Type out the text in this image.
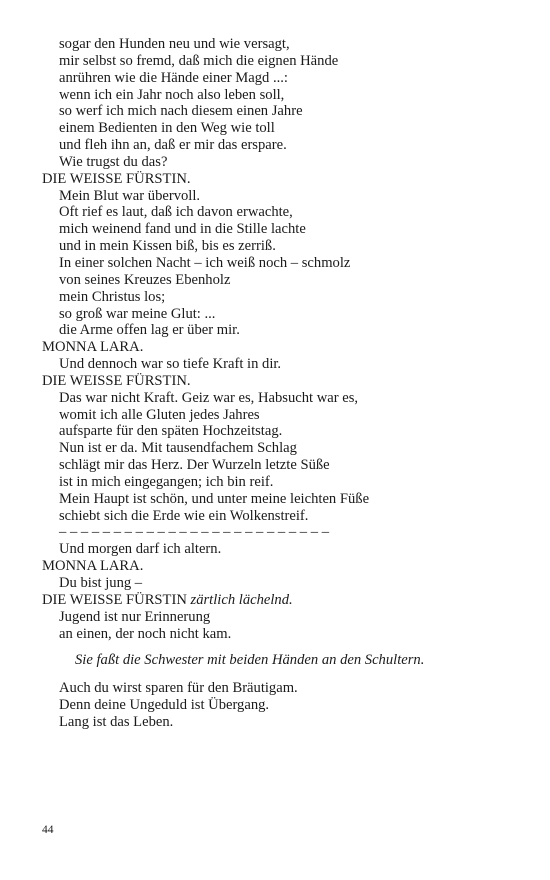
sogar den Hunden neu und wie versagt,
mir selbst so fremd, daß mich die eignen Hände
anrühren wie die Hände einer Magd ...:
wenn ich ein Jahr noch also leben soll,
so werf ich mich nach diesem einen Jahre
einem Bedienten in den Weg wie toll
und fleh ihn an, daß er mir das erspare.
Wie trugst du das?
DIE WEISSE FÜRSTIN.
Mein Blut war übervoll.
Oft rief es laut, daß ich davon erwachte,
mich weinend fand und in die Stille lachte
und in mein Kissen biß, bis es zerriß.
In einer solchen Nacht – ich weiß noch – schmolz
von seines Kreuzes Ebenholz
mein Christus los;
so groß war meine Glut: ...
die Arme offen lag er über mir.
MONNA LARA.
Und dennoch war so tiefe Kraft in dir.
DIE WEISSE FÜRSTIN.
Das war nicht Kraft. Geiz war es, Habsucht war es,
womit ich alle Gluten jedes Jahres
aufsparte für den späten Hochzeitstag.
Nun ist er da. Mit tausendfachem Schlag
schlägt mir das Herz. Der Wurzeln letzte Süße
ist in mich eingegangen; ich bin reif.
Mein Haupt ist schön, und unter meine leichten Füße
schiebt sich die Erde wie ein Wolkenstreif.
– – – – – – – – – – – – – – – – – – – – – – – – –
Und morgen darf ich altern.
MONNA LARA.
Du bist jung –
DIE WEISSE FÜRSTIN zärtlich lächelnd.
Jugend ist nur Erinnerung
an einen, der noch nicht kam.
Sie faßt die Schwester mit beiden Händen an den Schultern.
Auch du wirst sparen für den Bräutigam.
Denn deine Ungeduld ist Übergang.
Lang ist das Leben.
44
